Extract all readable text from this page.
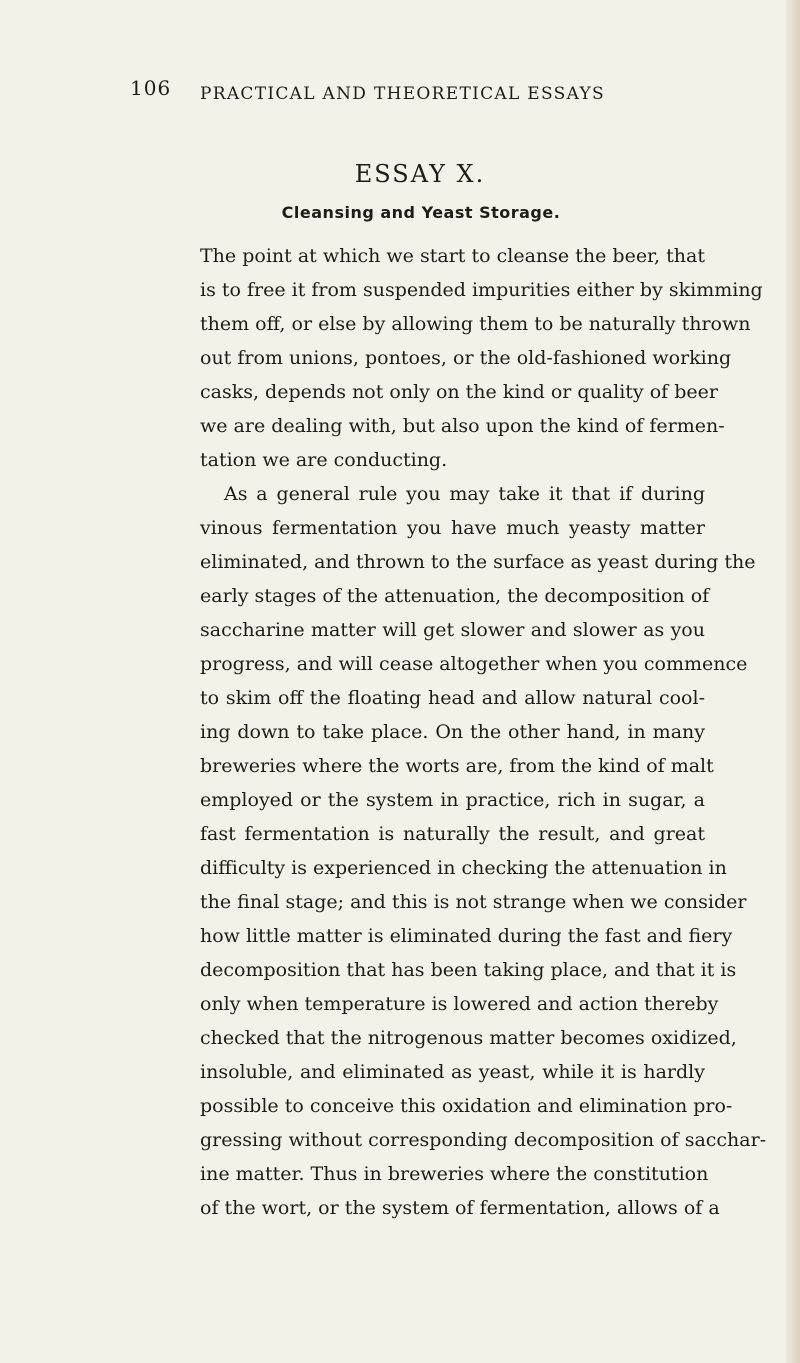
106 PRACTICAL AND THEORETICAL ESSAYS
ESSAY X.
Cleansing and Yeast Storage.
The point at which we start to cleanse the beer, that
is to free it from suspended impurities either by skimming
them off, or else by allowing them to be naturally thrown
out from unions, pontoes, or the old-fashioned working
casks, depends not only on the kind or quality of beer
we are dealing with, but also upon the kind of fermen-
tation we are conducting.
As a general rule you may take it that if during
vinous fermentation you have much yeasty matter
eliminated, and thrown to the surface as yeast during the
early stages of the attenuation, the decomposition of
saccharine matter will get slower and slower as you
progress, and will cease altogether when you commence
to skim off the floating head and allow natural cool-
ing down to take place. On the other hand, in many
breweries where the worts are, from the kind of malt
employed or the system in practice, rich in sugar, a
fast fermentation is naturally the result, and great
difficulty is experienced in checking the attenuation in
the final stage; and this is not strange when we consider
how little matter is eliminated during the fast and fiery
decomposition that has been taking place, and that it is
only when temperature is lowered and action thereby
checked that the nitrogenous matter becomes oxidized,
insoluble, and eliminated as yeast, while it is hardly
possible to conceive this oxidation and elimination pro-
gressing without corresponding decomposition of sacchar-
ine matter. Thus in breweries where the constitution
of the wort, or the system of fermentation, allows of a
